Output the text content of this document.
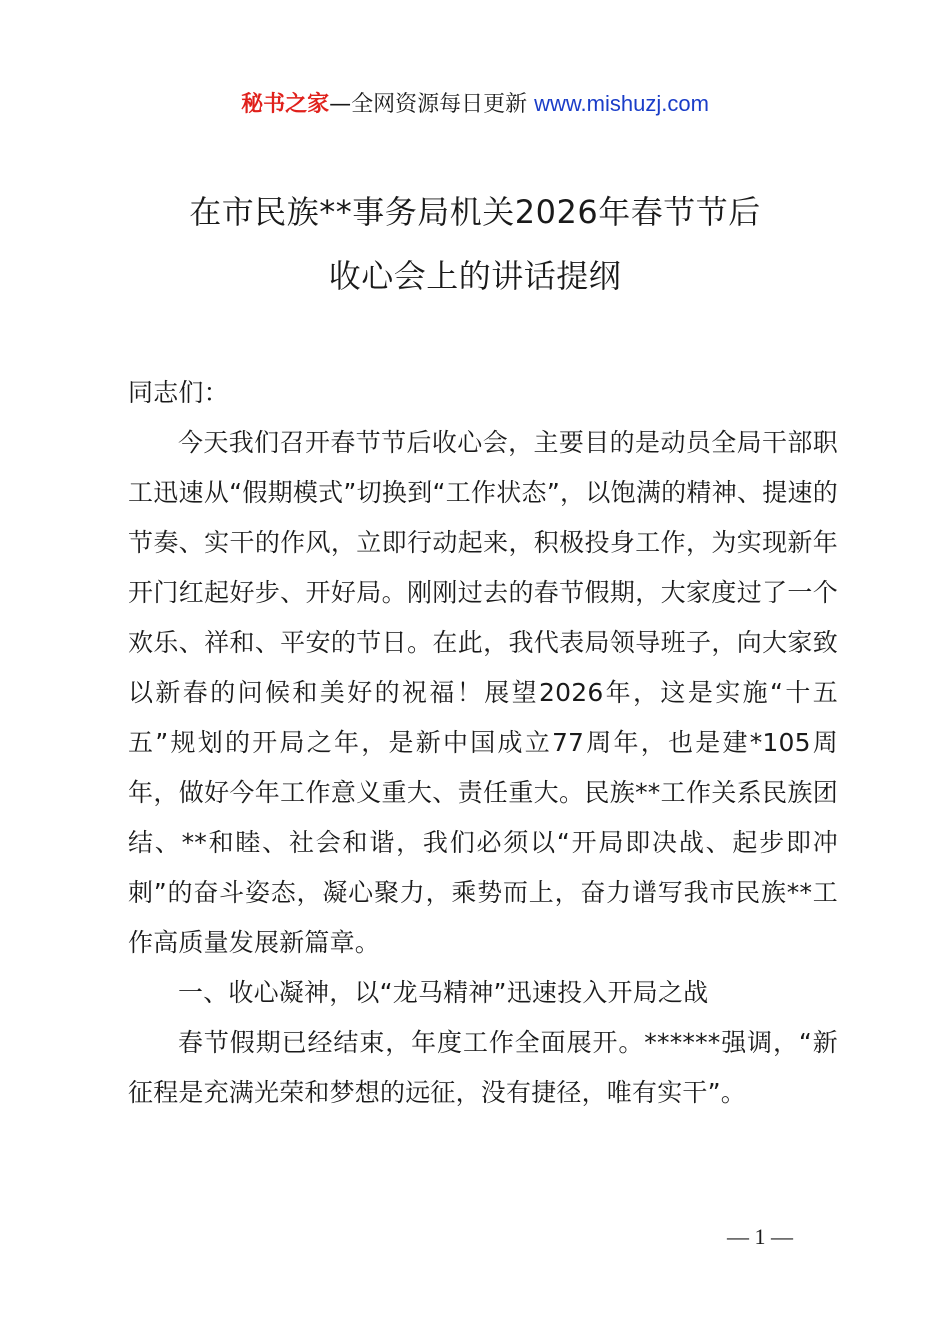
秘书之家—全网资源每日更新 www.mishuzj.com
在市民族**事务局机关2026年春节节后
收心会上的讲话提纲

同志们：

今天我们召开春节节后收心会，主要目的是动员全局干部职工迅速从“假期模式”切换到“工作状态”，以饱满的精神、提速的节奏、实干的作风，立即行动起来，积极投身工作，为实现新年开门红起好步、开好局。刚刚过去的春节假期，大家度过了一个欢乐、祥和、平安的节日。在此，我代表局领导班子，向大家致以新春的问候和美好的祝福！展望2026年，这是实施“十五五”规划的开局之年，是新中国成立77周年，也是建*105周年，做好今年工作意义重大、责任重大。民族**工作关系民族团结、**和睦、社会和谐，我们必须以“开局即决战、起步即冲刺”的奋斗姿态，凝心聚力，乘势而上，奋力谱写我市民族**工作高质量发展新篇章。

一、收心凝神，以“龙马精神”迅速投入开局之战

春节假期已经结束，年度工作全面展开。******强调，“新征程是充满光荣和梦想的远征，没有捷径，唯有实干”。

— 1 —
